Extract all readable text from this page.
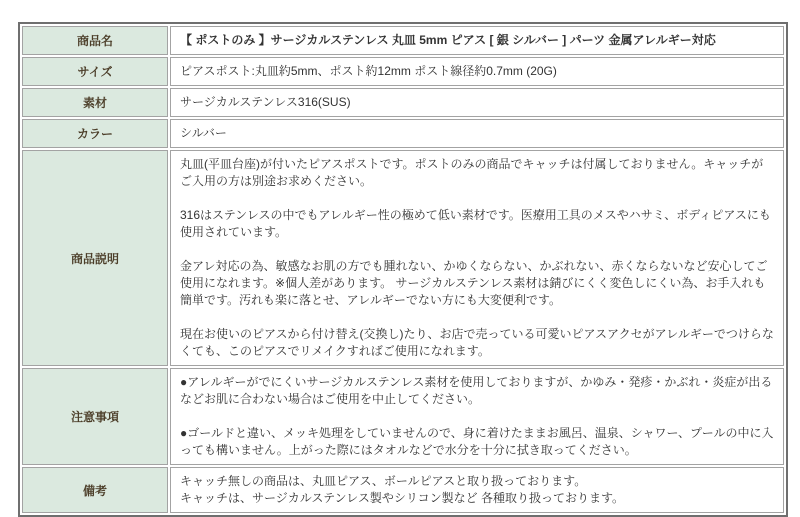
商品名	【 ポストのみ 】サージカルステンレス 丸皿 5mm ピアス [ 銀 シルバー ] パーツ 金属アレルギー対応
サイズ	ピアスポスト:丸皿約5mm、ポスト約12mm ポスト線径約0.7mm (20G)
素材	サージカルステンレス316(SUS)
カラー	シルバー
商品説明	丸皿(平皿台座)が付いたピアスポストです。ポストのみの商品でキャッチは付属しておりません。キャッチがご入用の方は別途お求めください。

316はステンレスの中でもアレルギー性の極めて低い素材です。医療用工具のメスやハサミ、ボディピアスにも使用されています。

金アレ対応の為、敏感なお肌の方でも腫れない、かゆくならない、かぶれない、赤くならないなど安心してご使用になれます。※個人差があります。 サージカルステンレス素材は錆びにくく変色しにくい為、お手入れも簡単です。汚れも楽に落とせ、アレルギーでない方にも大変便利です。

現在お使いのピアスから付け替え(交換し)たり、お店で売っている可愛いピアスアクセがアレルギーでつけらなくても、このピアスでリメイクすればご使用になれます。

注意事項	●アレルギーがでにくいサージカルステンレス素材を使用しておりますが、かゆみ・発疹・かぶれ・炎症が出るなどお肌に合わない場合はご使用を中止してください。

●ゴールドと違い、メッキ処理をしていませんので、身に着けたままお風呂、温泉、シャワー、プールの中に入っても構いません。上がった際にはタオルなどで水分を十分に拭き取ってください。

備考	キャッチ無しの商品は、丸皿ピアス、ボールピアスと取り扱っております。

キャッチは、サージカルステンレス製やシリコン製など 各種取り扱っております。
